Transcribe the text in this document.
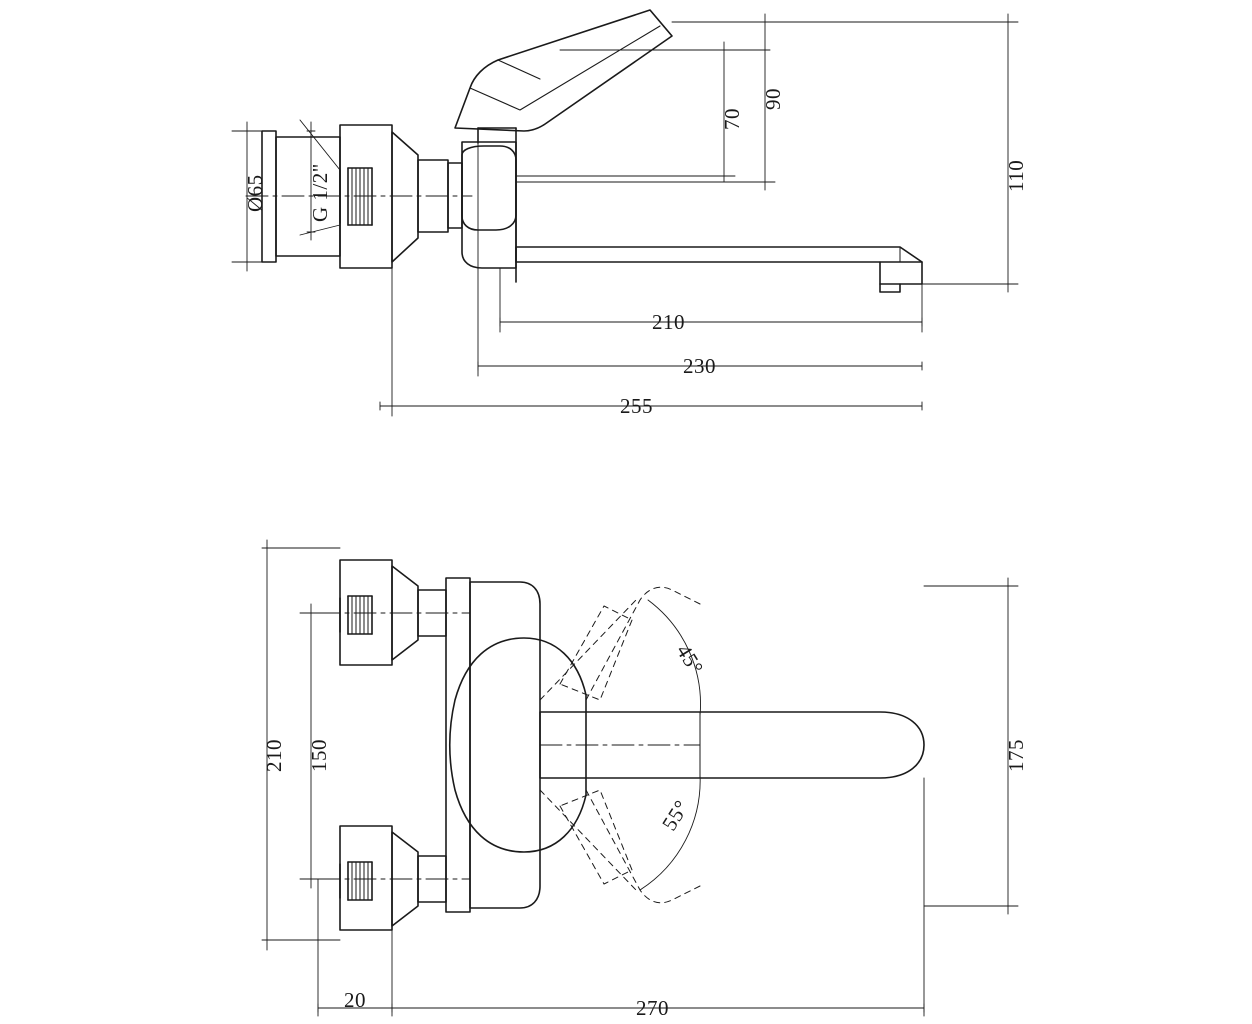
Ø65 G 1/2"
70
90
110
210
230
255
210 150	175
45°
55°
20	270
